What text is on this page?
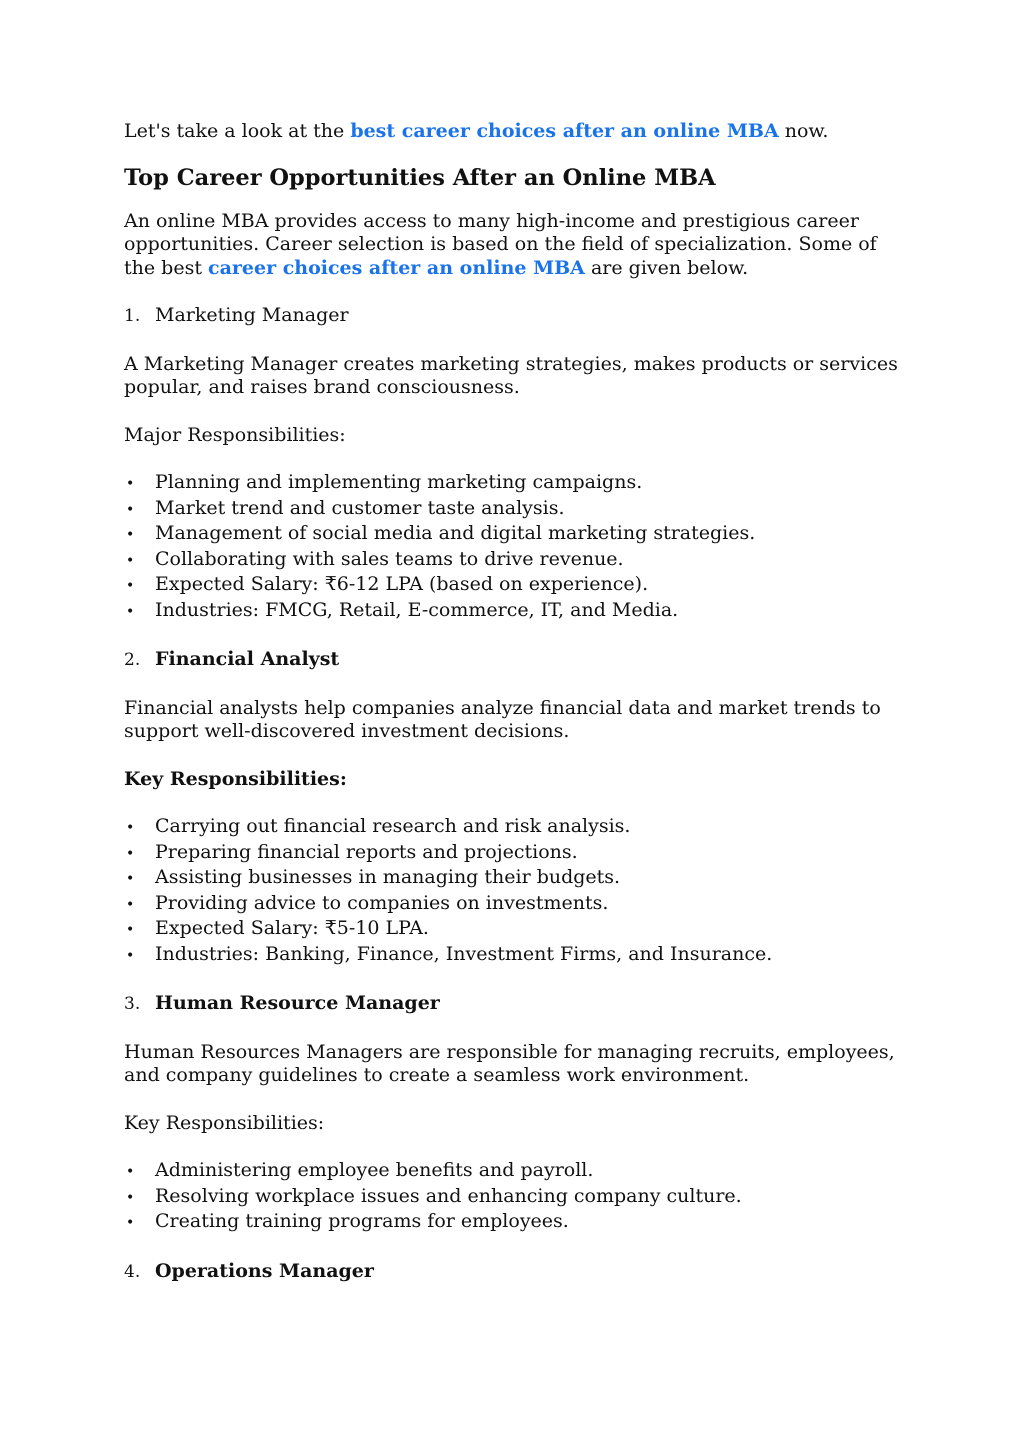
Let's take a look at the best career choices after an online MBA now.

Top Career Opportunities After an Online MBA

An online MBA provides access to many high-income and prestigious career opportunities. Career selection is based on the field of specialization. Some of the best career choices after an online MBA are given below.

1. Marketing Manager

A Marketing Manager creates marketing strategies, makes products or services popular, and raises brand consciousness.

Major Responsibilities:

•	Planning and implementing marketing campaigns.
•	Market trend and customer taste analysis.
•	Management of social media and digital marketing strategies.
•	Collaborating with sales teams to drive revenue.
•	Expected Salary: ₹6-12 LPA (based on experience).
•	Industries: FMCG, Retail, E-commerce, IT, and Media.
2. Financial Analyst

Financial analysts help companies analyze financial data and market trends to support well-discovered investment decisions.

Key Responsibilities:

•	Carrying out financial research and risk analysis.
•	Preparing financial reports and projections.
•	Assisting businesses in managing their budgets.
•	Providing advice to companies on investments.
•	Expected Salary: ₹5-10 LPA.
•	Industries: Banking, Finance, Investment Firms, and Insurance.
3. Human Resource Manager

Human Resources Managers are responsible for managing recruits, employees, and company guidelines to create a seamless work environment.

Key Responsibilities:

•	Administering employee benefits and payroll.
•	Resolving workplace issues and enhancing company culture.
•	Creating training programs for employees.
4. Operations Manager
